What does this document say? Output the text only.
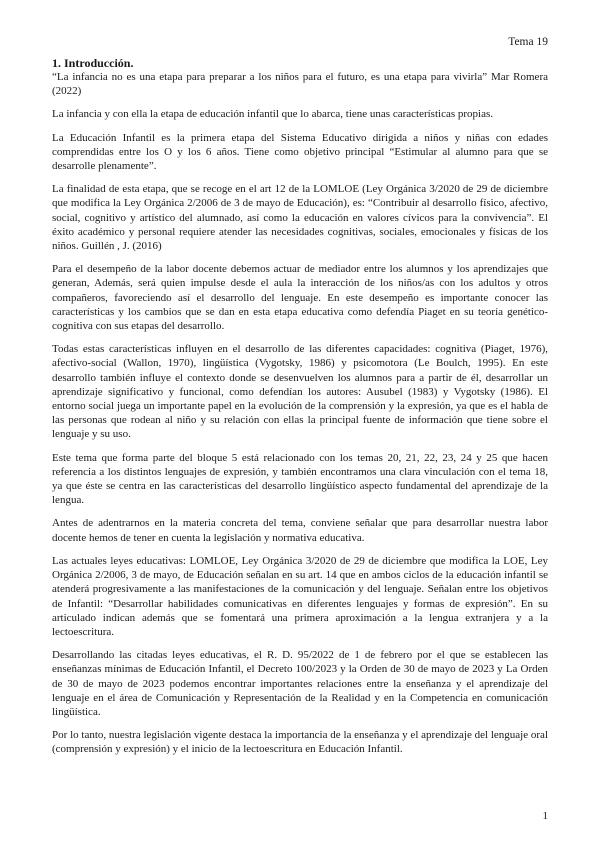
Tema 19
1. Introducción.

“La infancia no es una etapa para preparar a los niños para el futuro, es una etapa para vivirla” Mar Romera (2022)

La infancia y con ella la etapa de educación infantil que lo abarca, tiene unas características propias.

La Educación Infantil es la primera etapa del Sistema Educativo dirigida a niños y niñas con edades comprendidas entre los O y los 6 años. Tiene como objetivo principal “Estimular al alumno para que se desarrolle plenamente”.

La finalidad de esta etapa, que se recoge en el art 12 de la LOMLOE (Ley Orgánica 3/2020 de 29 de diciembre que modifica la Ley Orgánica 2/2006 de 3 de mayo de Educación), es: “Contribuir al desarrollo físico, afectivo, social, cognitivo y artístico del alumnado, así como la educación en valores cívicos para la convivencia”. El éxito académico y personal requiere atender las necesidades cognitivas, sociales, emocionales y físicas de los niños. Guillén , J. (2016)

Para el desempeño de la labor docente debemos actuar de mediador entre los alumnos y los aprendizajes que generan, Además, será quien impulse desde el aula la interacción de los niños/as con los adultos y otros compañeros, favoreciendo así el desarrollo del lenguaje. En este desempeño es importante conocer las características y los cambios que se dan en esta etapa educativa como defendía Piaget en su teoría genético-cognitiva con sus etapas del desarrollo.

Todas estas características influyen en el desarrollo de las diferentes capacidades: cognitiva (Piaget, 1976), afectivo-social (Wallon, 1970), lingüística (Vygotsky, 1986) y psicomotora (Le Boulch, 1995). En este desarrollo también influye el contexto donde se desenvuelven los alumnos para a partir de él, desarrollar un aprendizaje significativo y funcional, como defendían los autores: Ausubel (1983) y Vygotsky (1986). El entorno social juega un importante papel en la evolución de la comprensión y la expresión, ya que es el habla de las personas que rodean al niño y su relación con ellas la principal fuente de información que tiene sobre el lenguaje y su uso.

Este tema que forma parte del bloque 5 está relacionado con los temas 20, 21, 22, 23, 24 y 25 que hacen referencia a los distintos lenguajes de expresión, y también encontramos una clara vinculación con el tema 18, ya que éste se centra en las características del desarrollo lingüístico aspecto fundamental del aprendizaje de la lengua.

Antes de adentrarnos en la materia concreta del tema, conviene señalar que para desarrollar nuestra labor docente hemos de tener en cuenta la legislación y normativa educativa.

Las actuales leyes educativas: LOMLOE, Ley Orgánica 3/2020 de 29 de diciembre que modifica la LOE, Ley Orgánica 2/2006, 3 de mayo, de Educación señalan en su art. 14 que en ambos ciclos de la educación infantil se atenderá progresivamente a las manifestaciones de la comunicación y del lenguaje. Señalan entre los objetivos de Infantil: “Desarrollar habilidades comunicativas en diferentes lenguajes y formas de expresión”. En su articulado indican además que se fomentará una primera aproximación a la lengua extranjera y a la lectoescritura.

Desarrollando las citadas leyes educativas, el R. D. 95/2022 de 1 de febrero por el que se establecen las enseñanzas mínimas de Educación Infantil, el Decreto 100/2023 y la Orden de 30 de mayo de 2023 y La Orden de 30 de mayo de 2023 podemos encontrar importantes relaciones entre la enseñanza y el aprendizaje del lenguaje en el área de Comunicación y Representación de la Realidad y en la Competencia en comunicación lingüística.

Por lo tanto, nuestra legislación vigente destaca la importancia de la enseñanza y el aprendizaje del lenguaje oral (comprensión y expresión) y el inicio de la lectoescritura en Educación Infantil.

1
